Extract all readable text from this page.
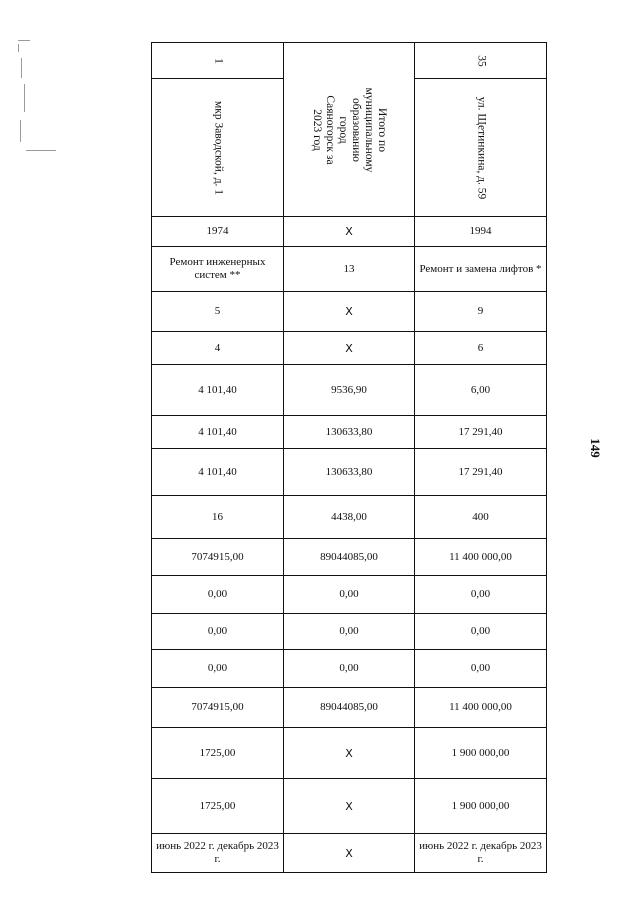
149
1	Итого по муниципальному
образованию город
Саяногорск за 2023 год	35

мкр Заводской, д. 1		ул. Щетинкина, д. 59

1974	X	1994
Ремонт инженерных систем **	13	Ремонт и замена лифтов *
5	X	9
4	X	6
4 101,40	9536,90	6,00
4 101,40	130633,80	17 291,40
4 101,40	130633,80	17 291,40
16	4438,00	400
7074915,00	89044085,00	11 400 000,00
0,00	0,00	0,00
0,00	0,00	0,00
0,00	0,00	0,00
7074915,00	89044085,00	11 400 000,00
1725,00	X	1 900 000,00
1725,00	X	1 900 000,00
июнь 2022 г. декабрь 2023 г.	X	июнь 2022 г. декабрь 2023 г.
